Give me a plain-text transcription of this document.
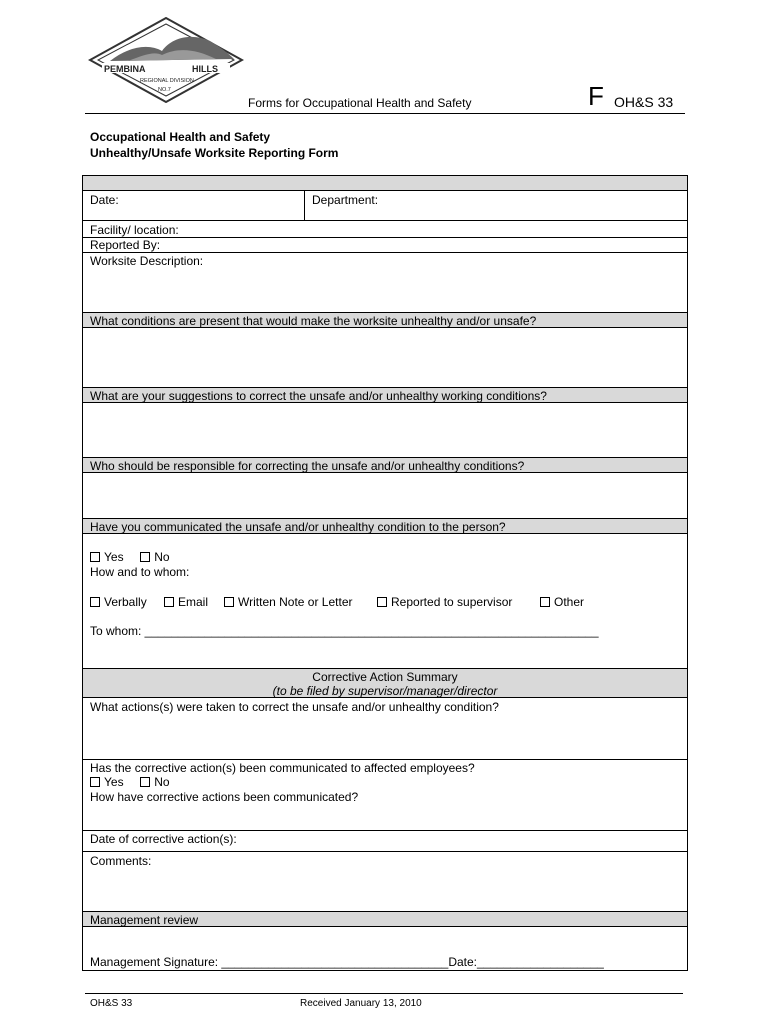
PEMBINA	HILLS
REGIONAL DIVISION
NO.7
Forms for Occupational Health and Safety	F OH&S 33
Occupational Health and Safety
Unhealthy/Unsafe Worksite Reporting Form
Date:	Department:
Facility/ location:
Reported By:
Worksite Description:
What conditions are present that would make the worksite unhealthy and/or unsafe?
What are your suggestions to correct the unsafe and/or unhealthy working conditions?
Who should be responsible for correcting the unsafe and/or unhealthy conditions?
Have you communicated the unsafe and/or unhealthy condition to the person?
Yes	No
How and to whom:
Verbally	Email	Written Note or Letter	Reported to supervisor	Other
To whom: ____________________________________________________________________
Corrective Action Summary
(to be filed by supervisor/manager/director
What actions(s) were taken to correct the unsafe and/or unhealthy condition?
Has the corrective action(s) been communicated to affected employees?
Yes	No
How have corrective actions been communicated?
Date of corrective action(s):
Comments:
Management review
Management Signature: __________________________________Date:___________________
OH&S 33	Received January 13, 2010
